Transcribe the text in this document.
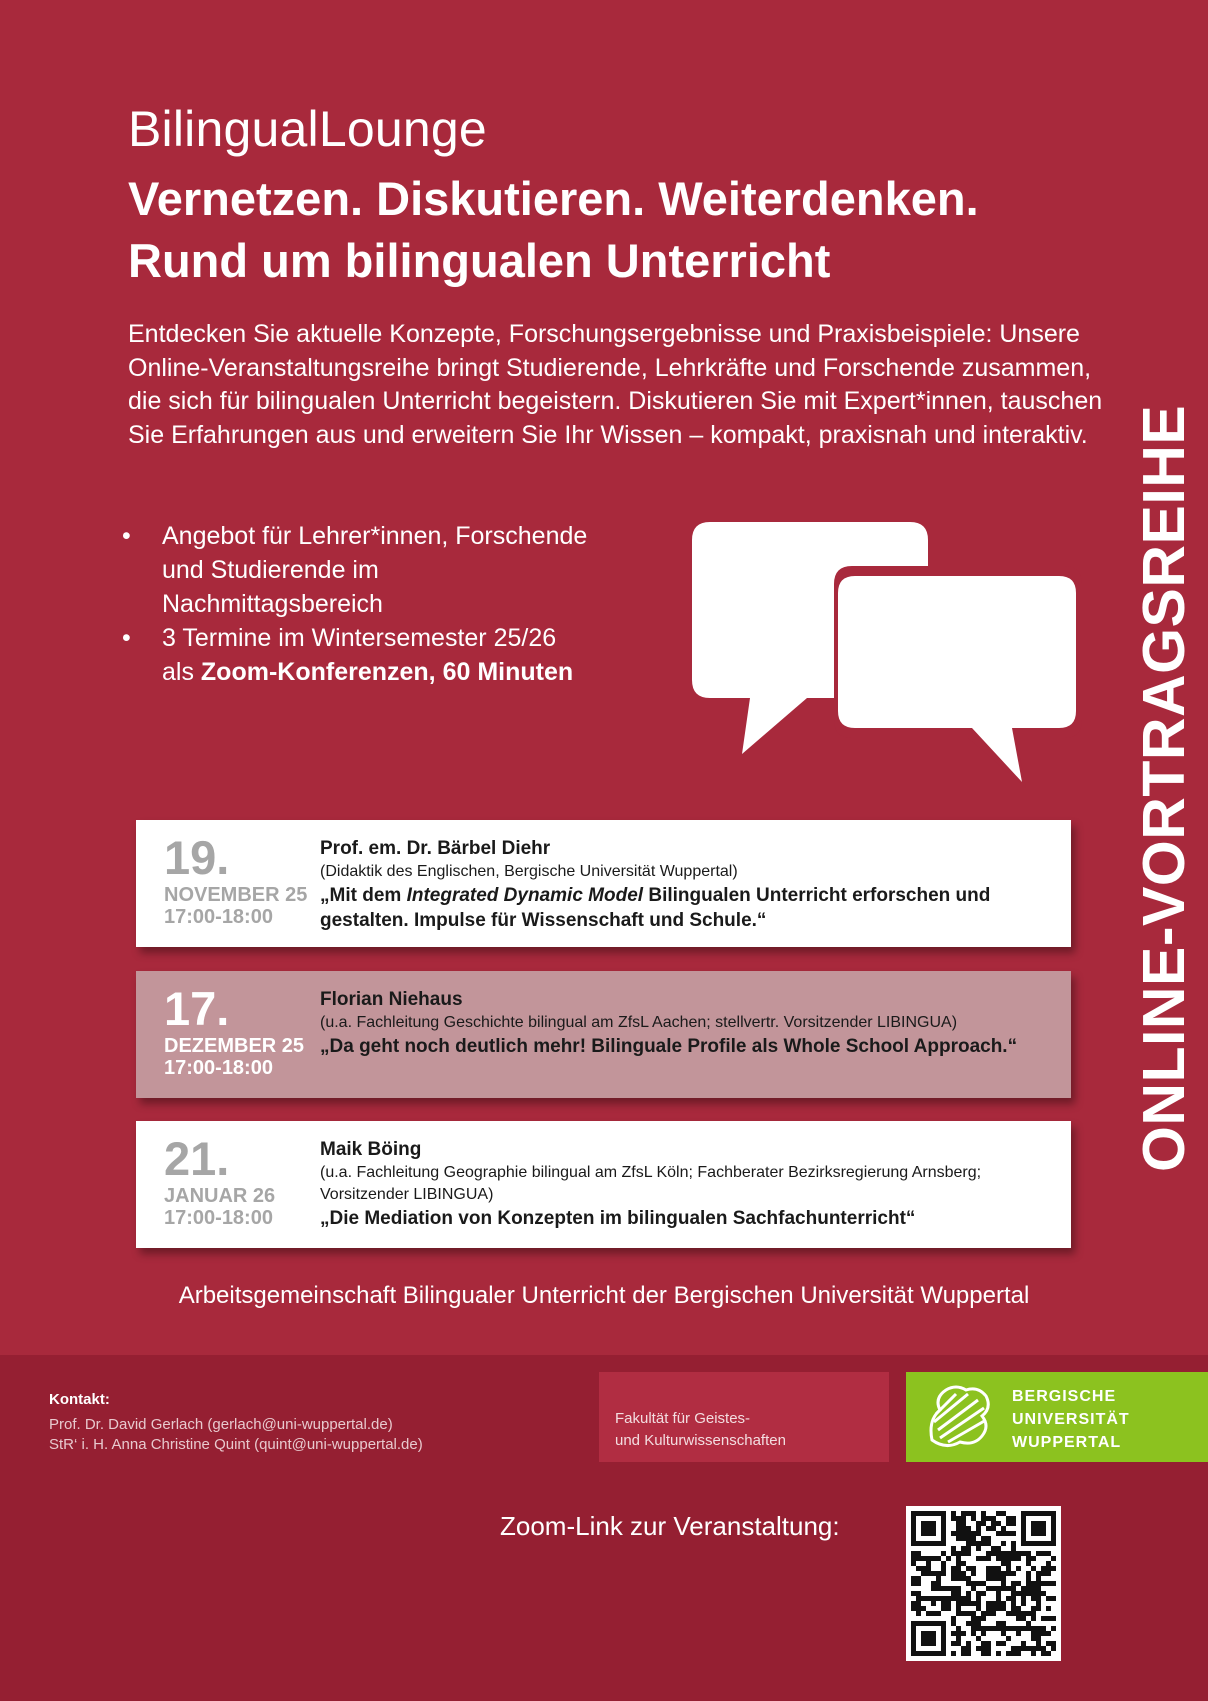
BilingualLounge
Vernetzen. Diskutieren. Weiterdenken.
Rund um bilingualen Unterricht
Entdecken Sie aktuelle Konzepte, Forschungsergebnisse und Praxisbeispiele: Unsere Online-Veranstaltungsreihe bringt Studierende, Lehrkräfte und Forschende zusammen, die sich für bilingualen Unterricht begeistern. Diskutieren Sie mit Expert*innen, tauschen Sie Erfahrungen aus und erweitern Sie Ihr Wissen – kompakt, praxisnah und interaktiv.
• Angebot für Lehrer*innen, Forschende und Studierende im Nachmittagsbereich
• 3 Termine im Wintersemester 25/26 als Zoom-Konferenzen, 60 Minuten	ONLINE-VORTRAGSREIHE
19.
NOVEMBER 25
17:00-18:00
Prof. em. Dr. Bärbel Diehr
(Didaktik des Englischen, Bergische Universität Wuppertal)
„Mit dem Integrated Dynamic Model Bilingualen Unterricht erforschen und gestalten. Impulse für Wissenschaft und Schule.“
17.
DEZEMBER 25
17:00-18:00
Florian Niehaus
(u.a. Fachleitung Geschichte bilingual am ZfsL Aachen; stellvertr. Vorsitzender LIBINGUA)
„Da geht noch deutlich mehr! Bilinguale Profile als Whole School Approach.“
21.
JANUAR 26
17:00-18:00
Maik Böing
(u.a. Fachleitung Geographie bilingual am ZfsL Köln; Fachberater Bezirksregierung Arnsberg; Vorsitzender LIBINGUA)
„Die Mediation von Konzepten im bilingualen Sachfachunterricht“
Arbeitsgemeinschaft Bilingualer Unterricht der Bergischen Universität Wuppertal
Kontakt:
Prof. Dr. David Gerlach (gerlach@uni-wuppertal.de)
StR‘ i. H. Anna Christine Quint (quint@uni-wuppertal.de)
Fakultät für Geistes-
und Kulturwissenschaften
BERGISCHE
UNIVERSITÄT
WUPPERTAL
Zoom-Link zur Veranstaltung:
